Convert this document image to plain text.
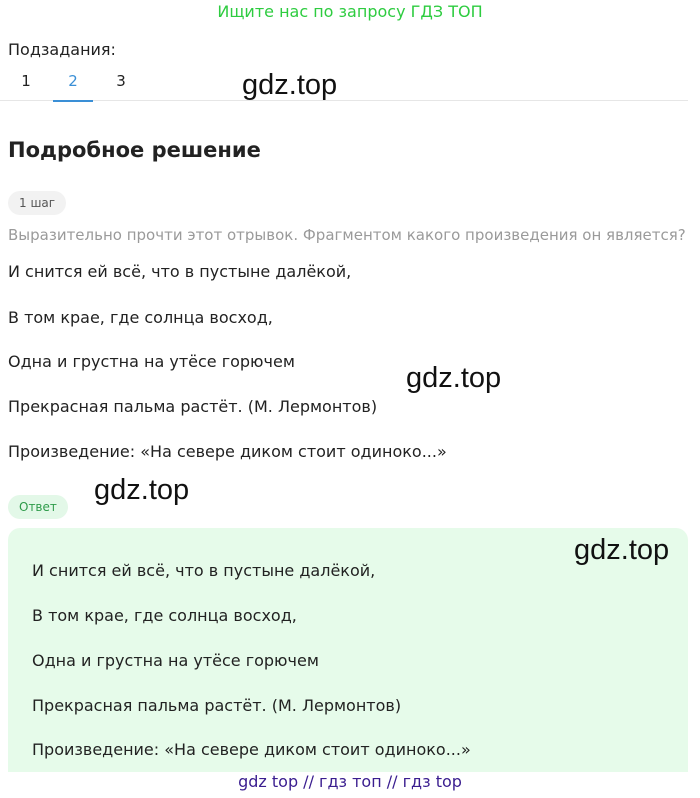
Ищите нас по запросу ГДЗ ТОП
Подзадания:
1	2	3	gdz.top
Подробное решение
1 шаг
Выразительно прочти этот отрывок. Фрагментом какого произведения он является?
И снится ей всё, что в пустыне далёкой,
В том крае, где солнца восход,
Одна и грустна на утёсе горючем
Прекрасная пальма растёт. (М. Лермонтов)
Произведение: «На севере диком стоит одиноко...»
gdz.top
gdz.top
Ответ
gdz.top
И снится ей всё, что в пустыне далёкой,
В том крае, где солнца восход,
Одна и грустна на утёсе горючем
Прекрасная пальма растёт. (М. Лермонтов)
Произведение: «На севере диком стоит одиноко...»
gdz top // гдз топ // гдз top
